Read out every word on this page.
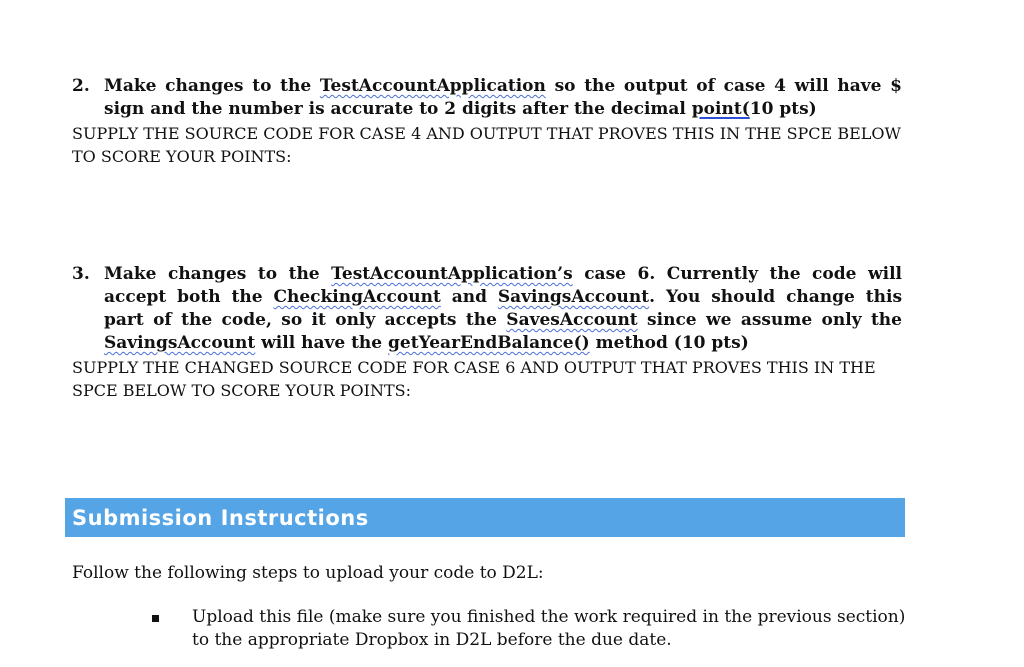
2. Make changes to the TestAccountApplication so the output of case 4 will have $ sign and the number is accurate to 2 digits after the decimal point(10 pts)
SUPPLY THE SOURCE CODE FOR CASE 4 AND OUTPUT THAT PROVES THIS IN THE SPCE BELOW TO SCORE YOUR POINTS:
3. Make changes to the TestAccountApplication’s case 6. Currently the code will accept both the CheckingAccount and SavingsAccount. You should change this part of the code, so it only accepts the SavesAccount since we assume only the SavingsAccount will have the getYearEndBalance() method (10 pts)
SUPPLY THE CHANGED SOURCE CODE FOR CASE 6 AND OUTPUT THAT PROVES THIS IN THE SPCE BELOW TO SCORE YOUR POINTS:
Submission Instructions
Follow the following steps to upload your code to D2L:
Upload this file (make sure you finished the work required in the previous section) to the appropriate Dropbox in D2L before the due date.
